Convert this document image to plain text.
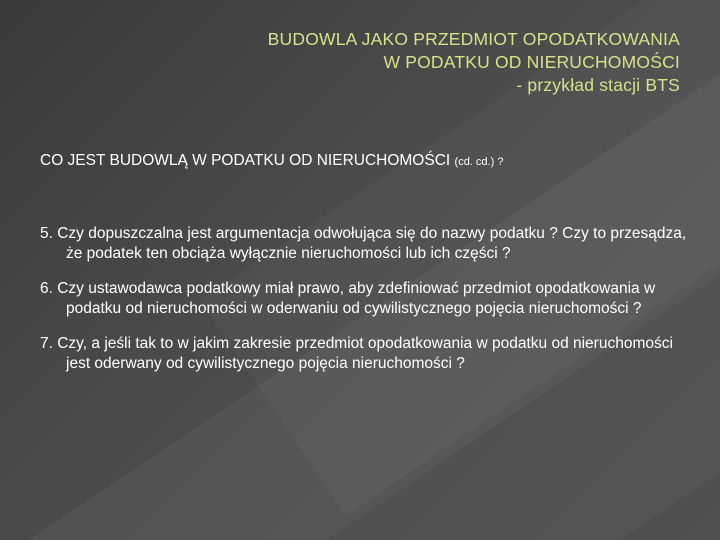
BUDOWLA JAKO PRZEDMIOT OPODATKOWANIA
W PODATKU OD NIERUCHOMOŚCI
- przykład stacji BTS
CO JEST BUDOWLĄ W PODATKU OD NIERUCHOMOŚCI (cd. cd.) ?
5. Czy dopuszczalna jest argumentacja odwołująca się do nazwy podatku ? Czy to przesądza, że podatek ten obciąża wyłącznie nieruchomości lub ich części ?
6. Czy ustawodawca podatkowy miał prawo, aby zdefiniować przedmiot opodatkowania w podatku od nieruchomości w oderwaniu od cywilistycznego pojęcia nieruchomości ?
7. Czy, a jeśli tak to w jakim zakresie przedmiot opodatkowania w podatku od nieruchomości jest oderwany od cywilistycznego pojęcia nieruchomości ?
